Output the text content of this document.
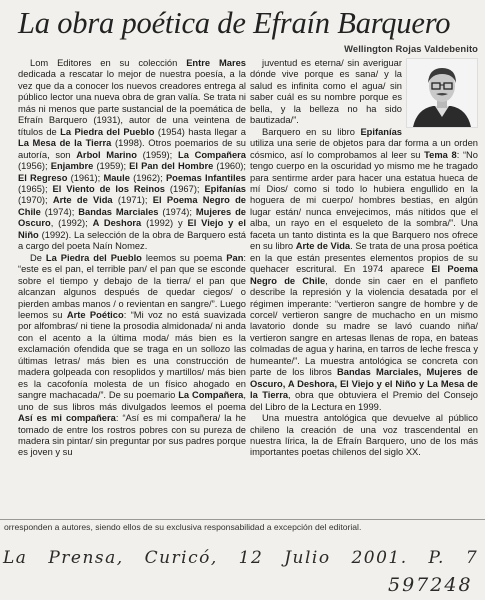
La obra poética de Efraín Barquero
Wellington Rojas Valdebenito

Lom Editores en su colección Entre Mares dedicada a rescatar lo mejor de nuestra poesía, a la vez que da a conocer los nuevos creadores entrega al público lector una nueva obra de gran valía. Se trata ni más ni menos que parte sustancial de la poemática de Efraín Barquero (1931), autor de una veintena de títulos de La Piedra del Pueblo (1954) hasta llegar a La Mesa de la Tierra (1998). Otros poemarios de su autoría, son Arbol Marino (1959); La Compañera (1956); Enjambre (1959); El Pan del Hombre (1960); El Regreso (1961); Maule (1962); Poemas Infantiles (1965); El Viento de los Reinos (1967); Epifanías (1970); Arte de Vida (1971); El Poema Negro de Chile (1974); Bandas Marciales (1974); Mujeres de Oscuro, (1992); A Deshora (1992) y El Viejo y el Niño (1992). La selección de la obra de Barquero está a cargo del poeta Naín Nomez.

De La Piedra del Pueblo leemos su poema Pan: “este es el pan, el terrible pan/ el pan que se esconde sobre el tiempo y debajo de la tierra/ el pan que alcanzan algunos después de quedar ciegos/ o pierden ambas manos / o revientan en sangre/”. Luego leemos su Arte Poético: “Mi voz no está suavizada por alfombras/ ni tiene la prosodia almidonada/ ni anda con el acento a la última moda/ más bien es la exclamación ofendida que se traga en un sollozo las últimas letras/ más bien es una construcción de madera golpeada con resoplidos y martillos/ más bien es la cacofonía molesta de un físico ahogado en sangre machacada/”. De su poemario La Compañera, uno de sus libros más divulgados leemos el poema Así es mi compañera: “Así es mi compañera/ la he tomado de entre los rostros pobres con su pureza de madera sin pintar/ sin preguntar por sus padres porque es joven y su

juventud es eterna/ sin averiguar dónde vive porque es sana/ y la salud es infinita como el agua/ sin saber cuál es su nombre porque es bella, y la belleza no ha sido bautizada/”.

Barquero en su libro Epifanías utiliza una serie de objetos para dar forma a un orden cósmico, así lo comprobamos al leer su Tema 8: “No tengo cuerpo en la oscuridad yo mismo me he tragado para sentirme arder para hacer una estatua hueca de mí Dios/ como si todo lo hubiera engullido en la hoguera de mi cuerpo/ hombres bestias, en algún lugar están/ nunca envejecimos, más nítidos que el alba, un rayo en el esqueleto de la sombra/”. Una faceta un tanto distinta es la que Barquero nos ofrece en su libro Arte de Vida. Se trata de una prosa poética en la que están presentes elementos propios de su quehacer escritural. En 1974 aparece El Poema Negro de Chile, donde sin caer en el panfleto describe la represión y la violencia desatada por el régimen imperante: “vertieron sangre de hombre y de corcel/ vertieron sangre de muchacho en un mismo lavatorio donde su madre se lavó cuando niña/ vertieron sangre en artesas llenas de ropa, en bateas colmadas de agua y harina, en tarros de leche fresca y humeante/”. La muestra antológica se concreta con parte de los libros Bandas Marciales, Mujeres de Oscuro, A Deshora, El Viejo y el Niño y La Mesa de la Tierra, obra que obtuviera el Premio del Consejo del Libro de la Lectura en 1999.

Una muestra antológica que devuelve al público chileno la creación de una voz trascendental en nuestra lírica, la de Efraín Barquero, uno de los más importantes poetas chilenos del siglo XX.

orresponden a autores, siendo ellos de su exclusiva responsabilidad a excepción del editorial.
La Prensa, Curicó, 12 Julio 2001. P. 7
597248
